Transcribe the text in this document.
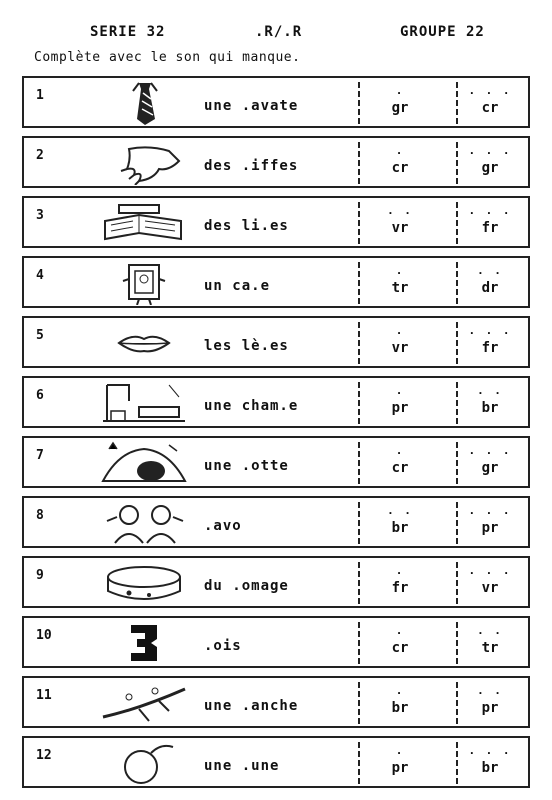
SERIE 32	.R/.R	GROUPE 22
Complète avec le son qui manque.
1
une .avate
.
gr
. . .
cr
2
des .iffes
.
cr
. . .
gr
3
des li.es
. .
vr
. . .
fr
4
un ca.e
.
tr
. .
dr
5
les lè.es
.
vr
. . .
fr
6
une cham.e
.
pr
. .
br
7
une .otte
.
cr
. . .
gr
8
.avo
. .
br
. . .
pr
9
du .omage
.
fr
. . .
vr
10
.ois
.
cr
. .
tr
11
une .anche
.
br
. .
pr
12
une .une
.
pr
. . .
br
